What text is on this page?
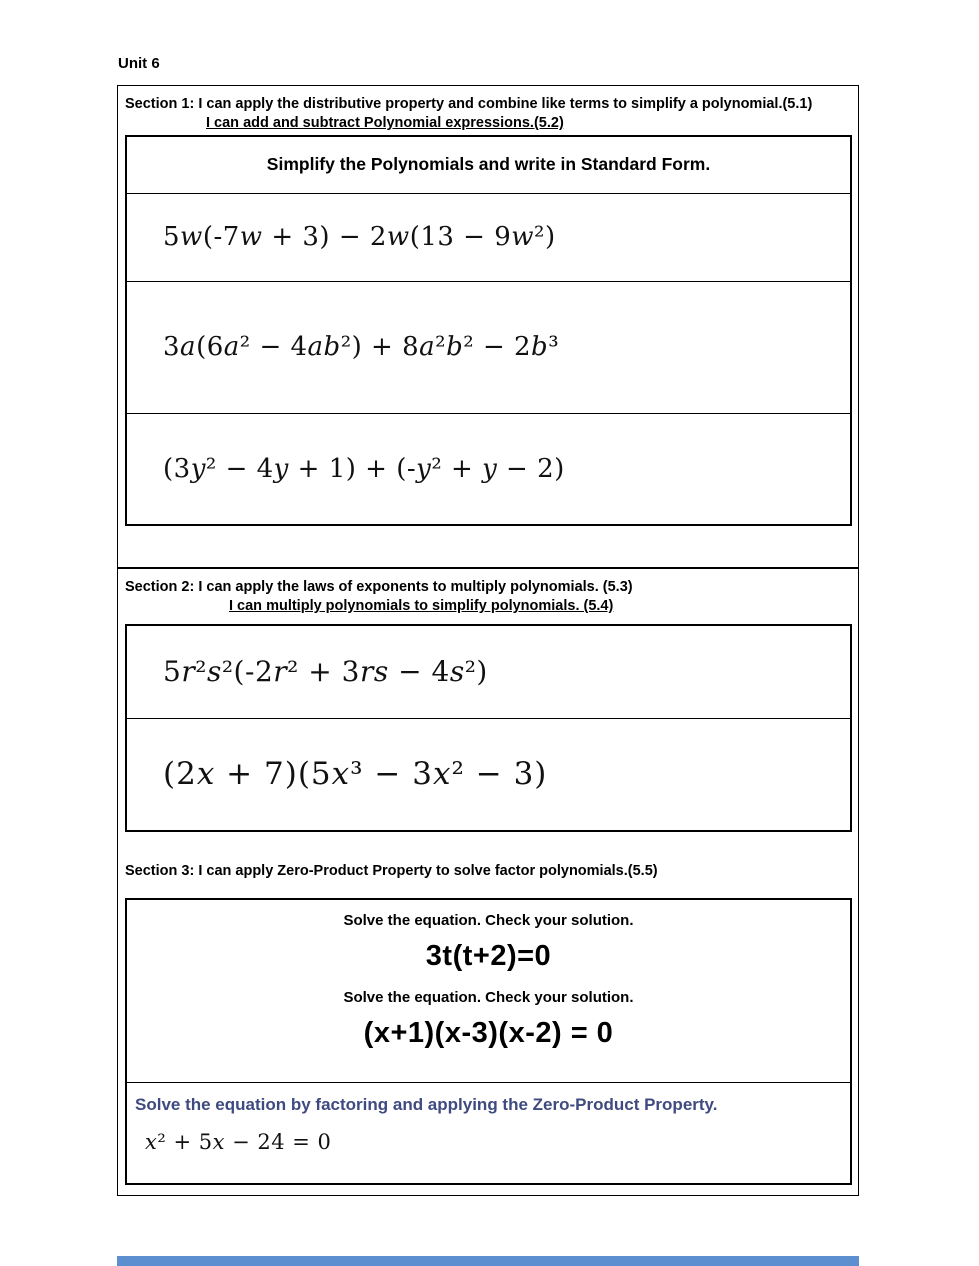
Unit 6
Section 1: I can apply the distributive property and combine like terms to simplify a polynomial.(5.1)
I can add and subtract Polynomial expressions.(5.2)
Simplify the Polynomials and write in Standard Form.
5w(-7w + 3) − 2w(13 − 9w²)
3a(6a² − 4ab²) + 8a²b² − 2b³
(3y² − 4y + 1) + (-y² + y − 2)
Section 2: I can apply the laws of exponents to multiply polynomials. (5.3)
I can multiply polynomials to simplify polynomials. (5.4)
5r²s²(-2r² + 3rs − 4s²)
(2x + 7)(5x³ − 3x² − 3)
Section 3: I can apply Zero-Product Property to solve factor polynomials.(5.5)
Solve the equation. Check your solution.
3t(t+2)=0
Solve the equation. Check your solution.
(x+1)(x-3)(x-2) = 0

Solve the equation by factoring and applying the Zero-Product Property.
x² + 5x − 24 = 0
